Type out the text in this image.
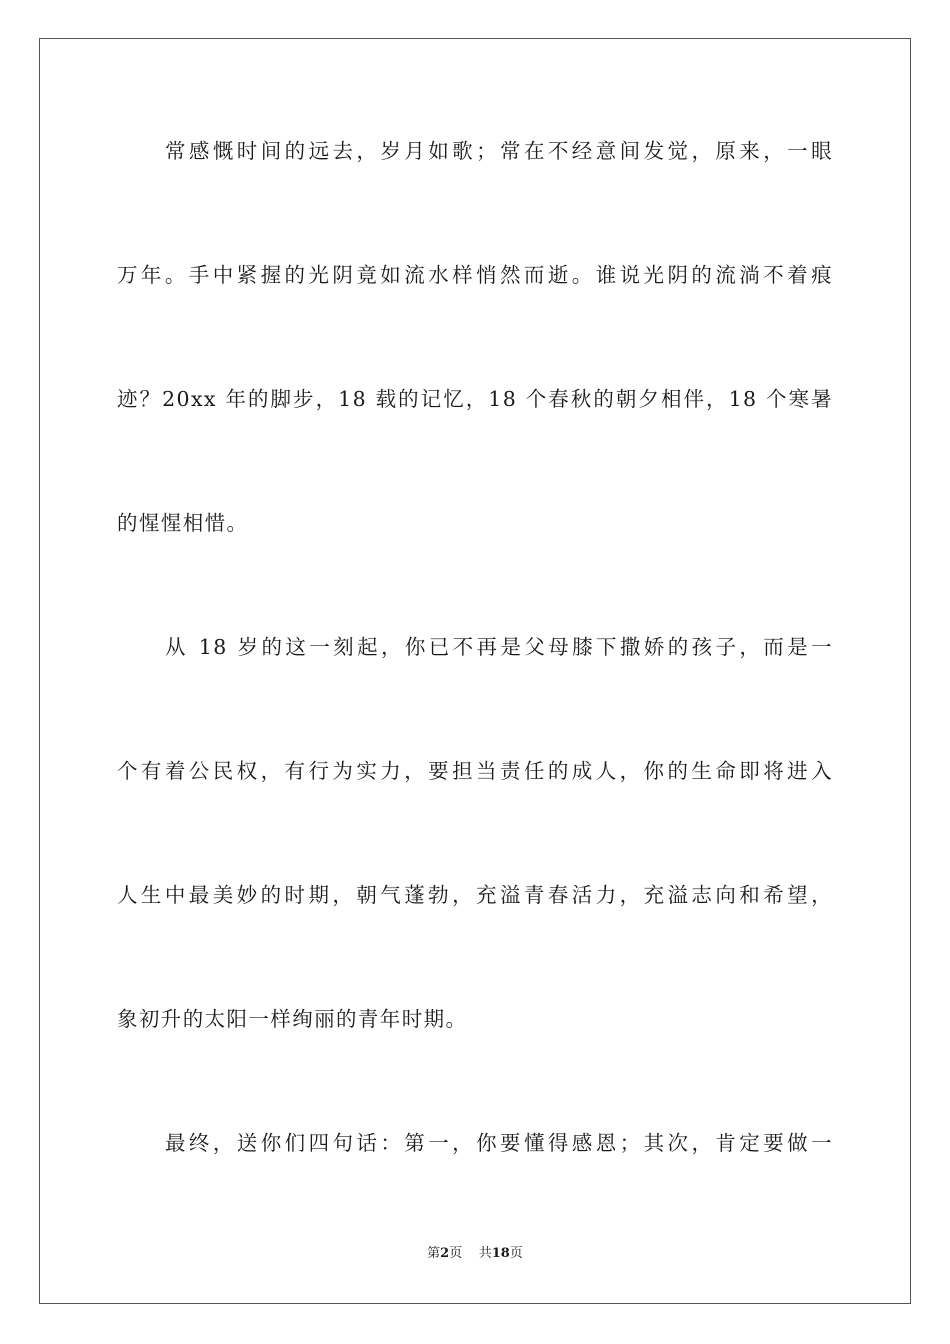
常感慨时间的远去，岁月如歌；常在不经意间发觉，原来，一眼
万年。手中紧握的光阴竟如流水样悄然而逝。谁说光阴的流淌不着痕
迹？20xx 年的脚步，18 载的记忆，18 个春秋的朝夕相伴，18 个寒暑
的惺惺相惜。
从 18 岁的这一刻起，你已不再是父母膝下撒娇的孩子，而是一
个有着公民权，有行为实力，要担当责任的成人，你的生命即将进入
人生中最美妙的时期，朝气蓬勃，充溢青春活力，充溢志向和希望，
象初升的太阳一样绚丽的青年时期。
最终，送你们四句话：第一，你要懂得感恩；其次，肯定要做一
第2页 共18页
